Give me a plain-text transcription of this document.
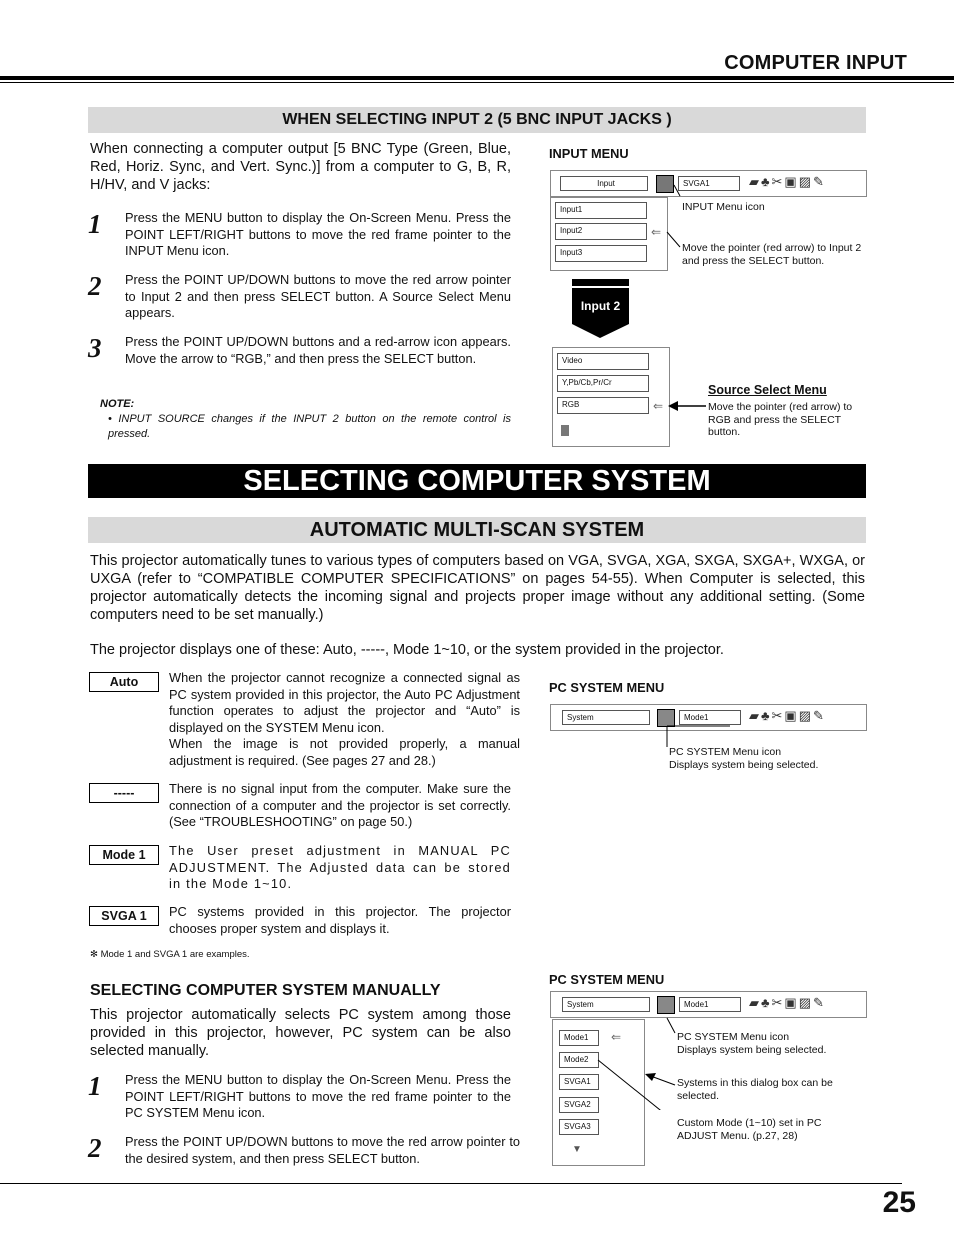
COMPUTER INPUT
WHEN SELECTING INPUT 2 (5 BNC INPUT JACKS )
When connecting a computer output [5 BNC Type (Green, Blue, Red, Horiz. Sync, and Vert. Sync.)] from a computer to G, B, R, H/HV, and V jacks:
1 Press the MENU button to display the On-Screen Menu. Press the POINT LEFT/RIGHT buttons to move the red frame pointer to the INPUT Menu icon.
2 Press the POINT UP/DOWN buttons to move the red arrow pointer to Input 2 and then press SELECT button. A Source Select Menu appears.
3 Press the POINT UP/DOWN buttons and a red-arrow icon appears. Move the arrow to “RGB,” and then press the SELECT button.
NOTE:
• INPUT SOURCE changes if the INPUT 2 button on the remote control is pressed.
INPUT MENU
Input	SVGA1	▰♣✂▣▨✎
Input1
Input2
Input3
⇐
INPUT Menu icon
Move the pointer (red arrow) to Input 2 and press the SELECT button.
Input 2
Video
Y,Pb/Cb,Pr/Cr
RGB	⇐
Source Select Menu
Move the pointer (red arrow) to RGB and press the SELECT button.
SELECTING COMPUTER SYSTEM
AUTOMATIC MULTI-SCAN SYSTEM
This projector automatically tunes to various types of computers based on VGA, SVGA, XGA, SXGA, SXGA+, WXGA, or UXGA (refer to “COMPATIBLE COMPUTER SPECIFICATIONS” on pages 54-55). When Computer is selected, this projector automatically detects the incoming signal and projects proper image without any additional setting. (Some computers need to be set manually.)
The projector displays one of these: Auto, -----, Mode 1~10, or the system provided in the projector.
Auto	When the projector cannot recognize a connected signal as PC system provided in this projector, the Auto PC Adjustment function operates to adjust the projector and “Auto” is displayed on the SYSTEM Menu icon.
When the image is not provided properly, a manual adjustment is required. (See pages 27 and 28.)
-----	There is no signal input from the computer. Make sure the connection of a computer and the projector is set correctly. (See “TROUBLESHOOTING” on page 50.)
Mode 1	The User preset adjustment in MANUAL PC ADJUSTMENT. The Adjusted data can be stored in the Mode 1~10.
SVGA 1	PC systems provided in this projector. The projector chooses proper system and displays it.
✻ Mode 1 and SVGA 1 are examples.
PC SYSTEM MENU
System	Mode1	▰♣✂▣▨✎
PC SYSTEM Menu icon
Displays system being selected.
SELECTING COMPUTER SYSTEM MANUALLY
This projector automatically selects PC system among those provided in this projector, however, PC system can be also selected manually.
1 Press the MENU button to display the On-Screen Menu. Press the POINT LEFT/RIGHT buttons to move the red frame pointer to the PC SYSTEM Menu icon.
2 Press the POINT UP/DOWN buttons to move the red arrow pointer to the desired system, and then press SELECT button.
PC SYSTEM MENU
System	Mode1	▰♣✂▣▨✎
Mode1
Mode2
SVGA1
SVGA2
SVGA3
⇐
▼
PC SYSTEM Menu icon
Displays system being selected.
Systems in this dialog box can be selected.
Custom Mode (1~10) set in PC ADJUST Menu. (p.27, 28)
25
